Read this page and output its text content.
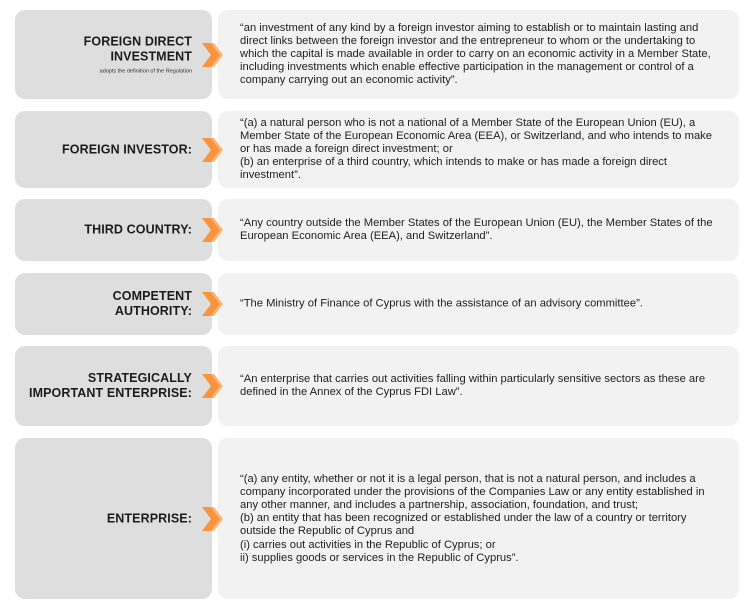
FOREIGN DIRECT
INVESTMENT
adopts the definition of the Regulation
“an investment of any kind by a foreign investor aiming to establish or to maintain lasting and direct links between the foreign investor and the entrepreneur to whom or the undertaking to which the capital is made available in order to carry on an economic activity in a Member State, including investments which enable effective participation in the management or control of a company carrying out an economic activity”.
FOREIGN INVESTOR:
“(a) a natural person who is not a national of a Member State of the European Union (EU), a Member State of the European Economic Area (EEA), or Switzerland, and who intends to make or has made a foreign direct investment; or
(b) an enterprise of a third country, which intends to make or has made a foreign direct investment”.
THIRD COUNTRY:	“Any country outside the Member States of the European Union (EU), the Member States of the European Economic Area (EEA), and Switzerland”.
COMPETENT
AUTHORITY:
“The Ministry of Finance of Cyprus with the assistance of an advisory committee”.
STRATEGICALLY
IMPORTANT ENTERPRISE:
“An enterprise that carries out activities falling within particularly sensitive sectors as these are defined in the Annex of the Cyprus FDI Law”.
ENTERPRISE:
“(a) any entity, whether or not it is a legal person, that is not a natural person, and includes a company incorporated under the provisions of the Companies Law or any entity established in any other manner, and includes a partnership, association, foundation, and trust;
(b) an entity that has been recognized or established under the law of a country or territory outside the Republic of Cyprus and
(i) carries out activities in the Republic of Cyprus; or
ii) supplies goods or services in the Republic of Cyprus”.
